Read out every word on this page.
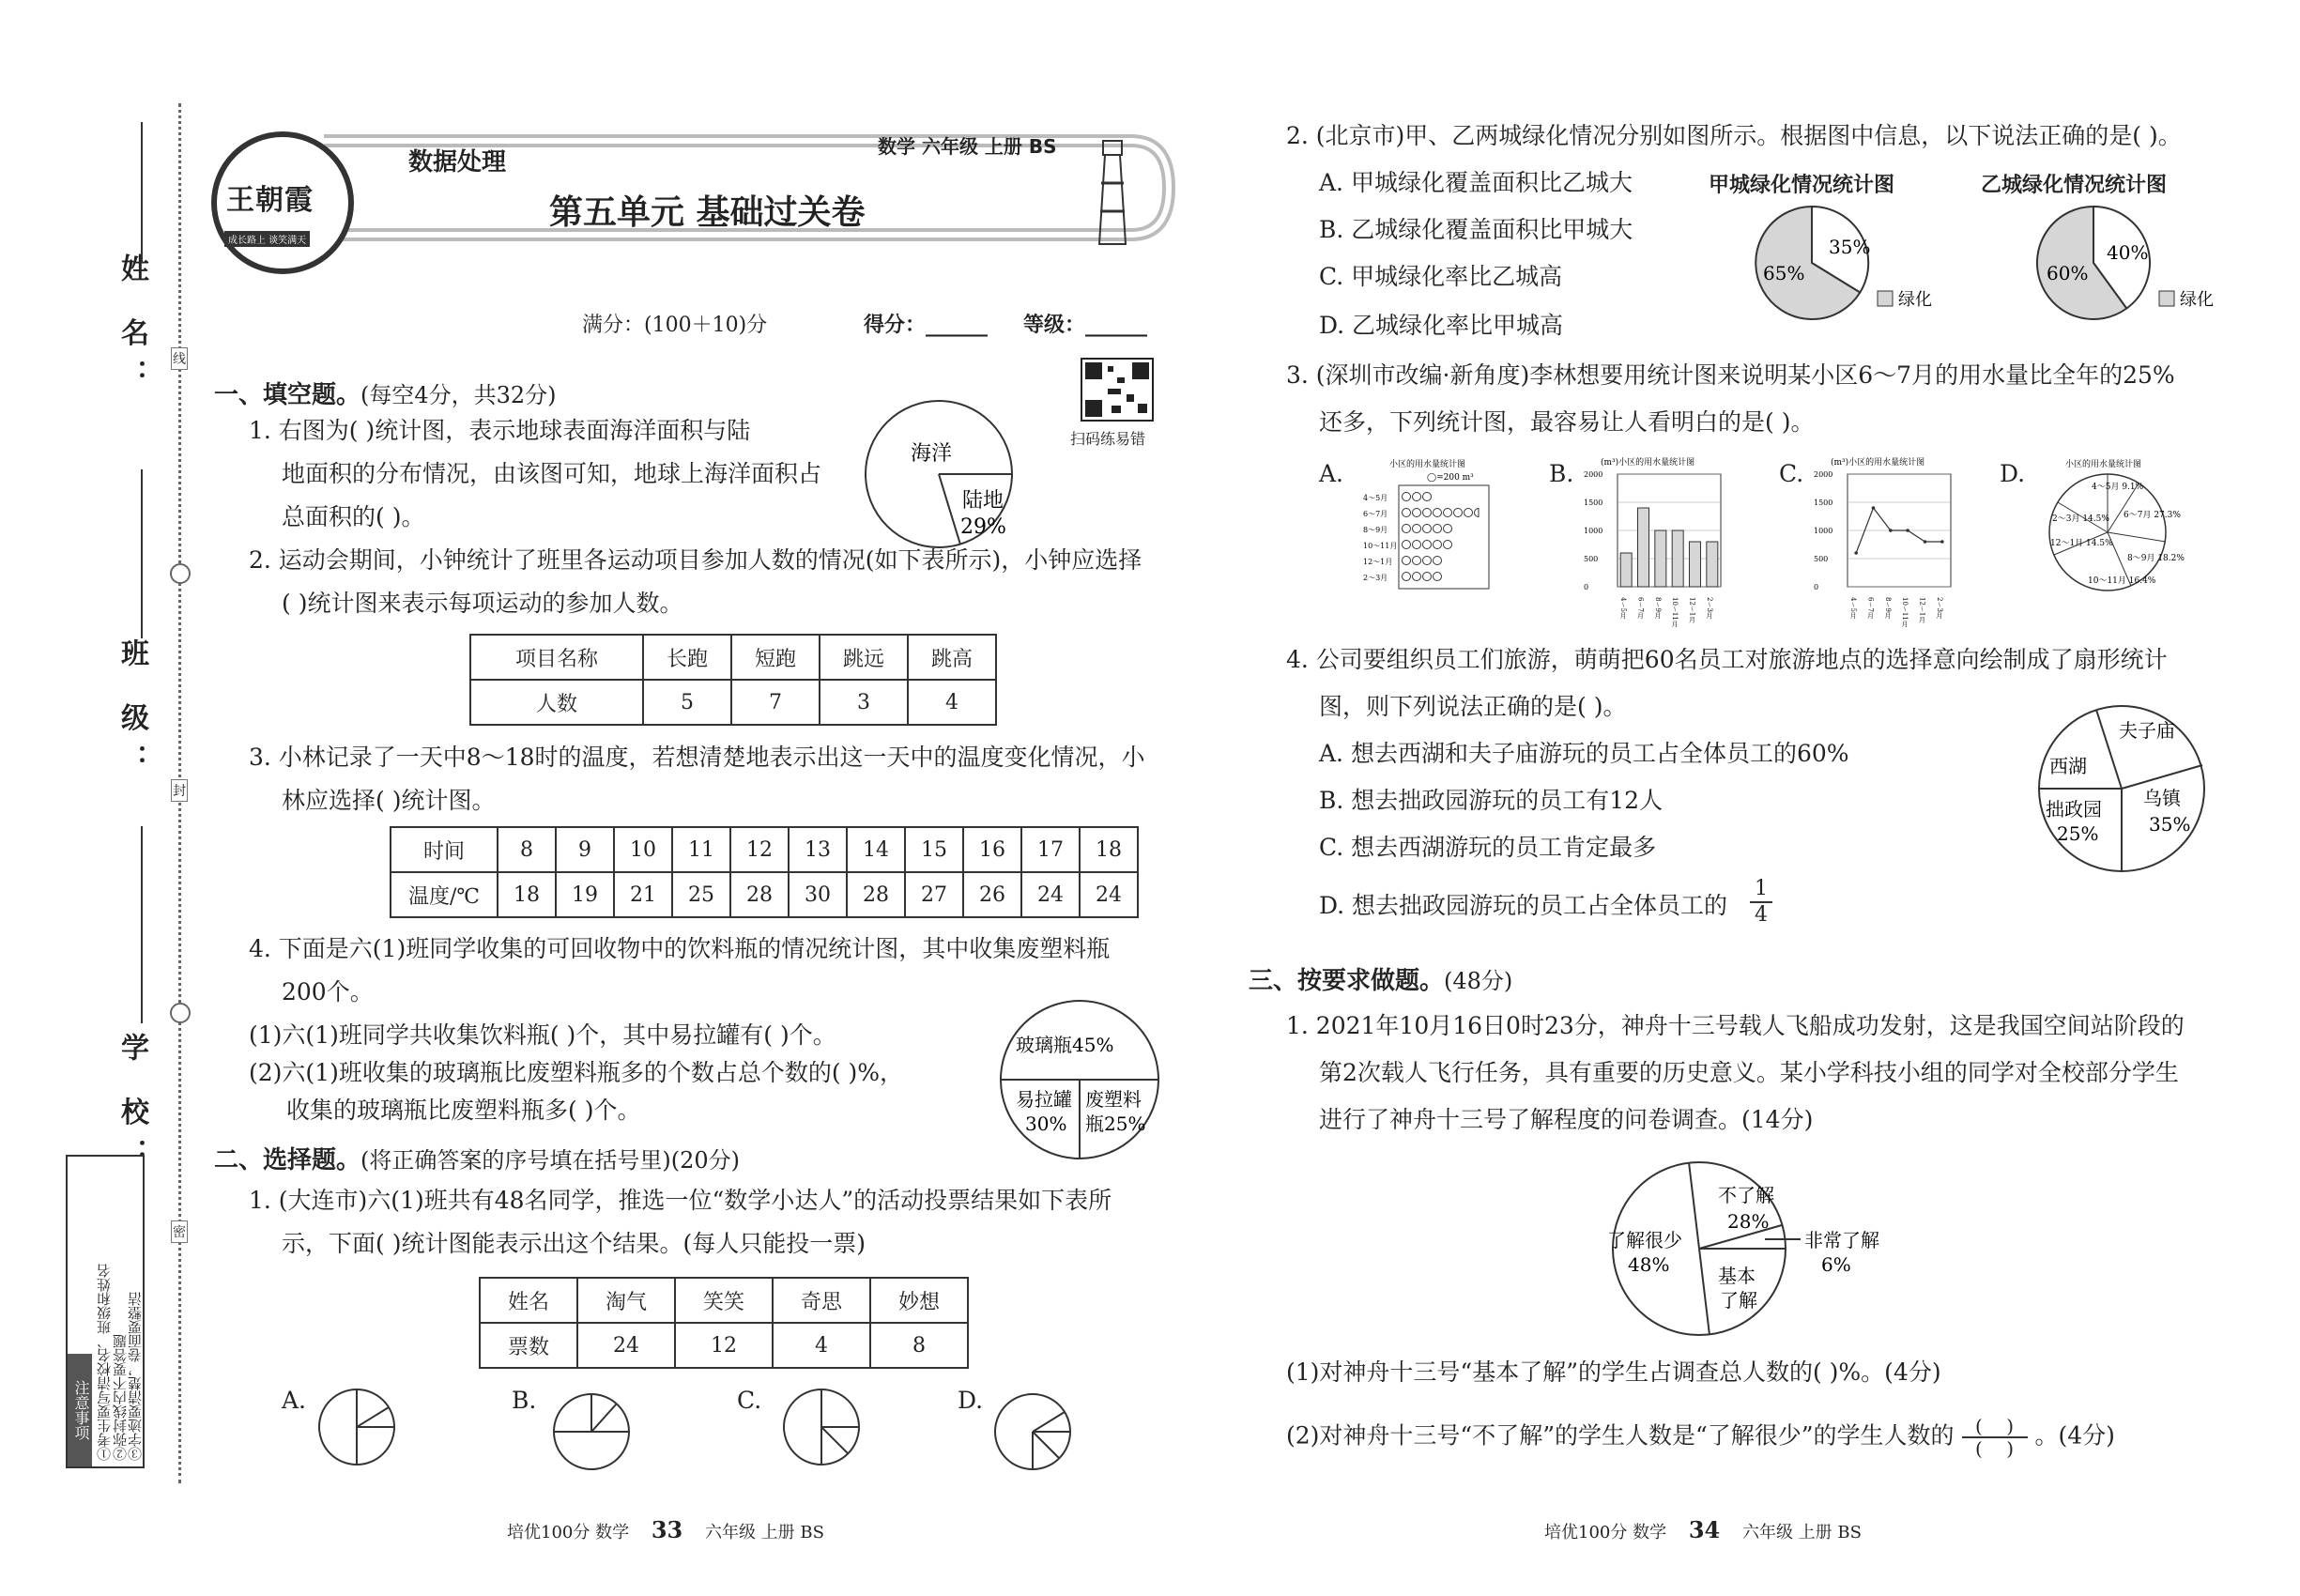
线
封
密
姓 名：
班 级：
学 校：
注意事项 ①考生要写清校名、班级和姓名 ②弥封线内不要答题
③字迹要清楚，卷面要整洁
王朝霞
成长路上 谈笑满天
数据处理
数学 六年级 上册 BS
第五单元 基础过关卷
满分：(100＋10)分	得分：______ 等级：______
扫码练易错
一、填空题。(每空4分，共32分)
1. 右图为( )统计图，表示地球表面海洋面积与陆
地面积的分布情况，由该图可知，地球上海洋面积占
总面积的( )。
海洋
陆地
29%
2. 运动会期间，小钟统计了班里各运动项目参加人数的情况(如下表所示)，小钟应选择
( )统计图来表示每项运动的参加人数。
项目名称	长跑	短跑	跳远	跳高
人数	5	7	3	4
3. 小林记录了一天中8～18时的温度，若想清楚地表示出这一天中的温度变化情况，小
林应选择( )统计图。
时间	8	9	10	11	12	13	14	15	16	17	18
温度/℃	18	19	21	25	28	30	28	27	26	24	24
4. 下面是六(1)班同学收集的可回收物中的饮料瓶的情况统计图，其中收集废塑料瓶
200个。
(1)六(1)班同学共收集饮料瓶( )个，其中易拉罐有( )个。
(2)六(1)班收集的玻璃瓶比废塑料瓶多的个数占总个数的( )%，
收集的玻璃瓶比废塑料瓶多( )个。
玻璃瓶45%
易拉罐
30%
废塑料
瓶25%
二、选择题。(将正确答案的序号填在括号里)(20分)
1. (大连市)六(1)班共有48名同学，推选一位“数学小达人”的活动投票结果如下表所
示，下面( )统计图能表示出这个结果。(每人只能投一票)
姓名	淘气	笑笑	奇思	妙想
票数	24	12	4	8
A.	B.	C.	D.
培优100分 数学 33 六年级 上册 BS
2. (北京市)甲、乙两城绿化情况分别如图所示。根据图中信息，以下说法正确的是( )。
A. 甲城绿化覆盖面积比乙城大
B. 乙城绿化覆盖面积比甲城大
C. 甲城绿化率比乙城高
D. 乙城绿化率比甲城高
甲城绿化情况统计图
35%
65%
绿化
乙城绿化情况统计图
40%
60%
绿化
3. (深圳市改编·新角度)李林想要用统计图来说明某小区6～7月的用水量比全年的25%
还多，下列统计图，最容易让人看明白的是( )。
A.	小区的用水量统计图
◯=200 m³
4～5月
6～7月
8～9月
10～11月
12～1月
2～3月
B.	(m³)小区的用水量统计图
2000
1500
1000
500
0
4～5月 6～7月 8～9月 10～11月 12～1月 2～3月
C.	(m³)小区的用水量统计图
2000
1500
1000
500
0
4～5月 6～7月 8～9月 10～11月 12～1月 2～3月
D.	小区的用水量统计图
4～5月 9.1%
6～7月 27.3%
8～9月 18.2%
10～11月 16.4%
12～1月 14.5%
2～3月 14.5%
4. 公司要组织员工们旅游，萌萌把60名员工对旅游地点的选择意向绘制成了扇形统计
图，则下列说法正确的是( )。
A. 想去西湖和夫子庙游玩的员工占全体员工的60%
B. 想去拙政园游玩的员工有12人
C. 想去西湖游玩的员工肯定最多
D. 想去拙政园游玩的员工占全体员工的 $\frac{1}{4}$
夫子庙
西湖
乌镇
35%
拙政园
25%
三、按要求做题。(48分)
1. 2021年10月16日0时23分，神舟十三号载人飞船成功发射，这是我国空间站阶段的
第2次载人飞行任务，具有重要的历史意义。某小学科技小组的同学对全校部分学生
进行了神舟十三号了解程度的问卷调查。(14分)
不了解
28%
了解很少
48%	基本
了解
非常了解
6%
(1)对神舟十三号“基本了解”的学生占调查总人数的( )%。(4分)
(2)对神舟十三号“不了解”的学生人数是“了解很少”的学生人数的	(    )
(    ) 。(4分)
培优100分 数学 34 六年级 上册 BS
